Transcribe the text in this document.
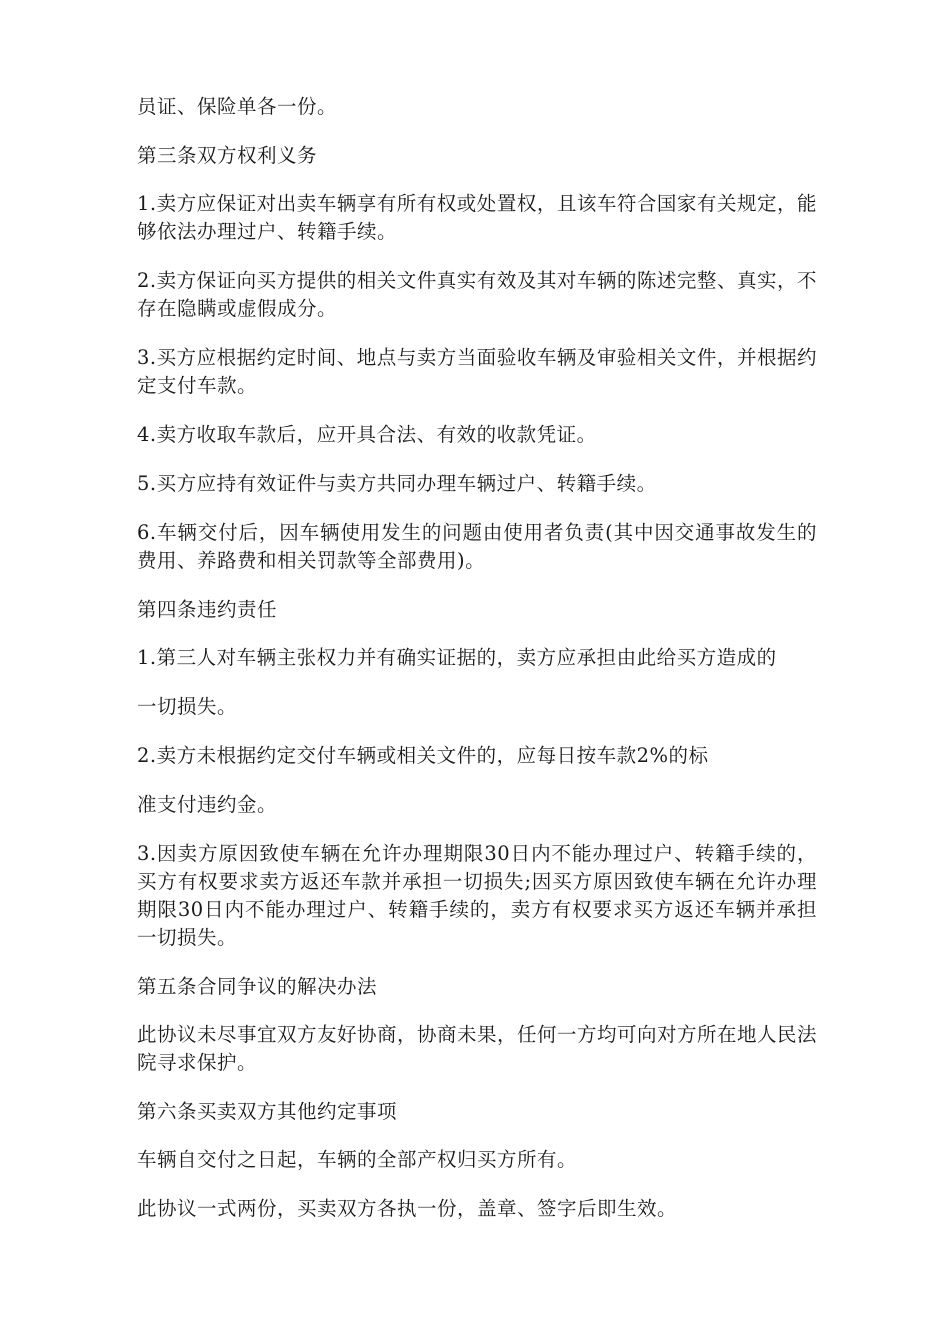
员证、保险单各一份。

第三条双方权利义务

1.卖方应保证对出卖车辆享有所有权或处置权，且该车符合国家有关规定，能够依法办理过户、转籍手续。

2.卖方保证向买方提供的相关文件真实有效及其对车辆的陈述完整、真实，不存在隐瞒或虚假成分。

3.买方应根据约定时间、地点与卖方当面验收车辆及审验相关文件，并根据约定支付车款。

4.卖方收取车款后，应开具合法、有效的收款凭证。

5.买方应持有效证件与卖方共同办理车辆过户、转籍手续。

6.车辆交付后，因车辆使用发生的问题由使用者负责(其中因交通事故发生的费用、养路费和相关罚款等全部费用)。

第四条违约责任

1.第三人对车辆主张权力并有确实证据的，卖方应承担由此给买方造成的

一切损失。

2.卖方未根据约定交付车辆或相关文件的，应每日按车款2%的标

准支付违约金。

3.因卖方原因致使车辆在允许办理期限30日内不能办理过户、转籍手续的，买方有权要求卖方返还车款并承担一切损失;因买方原因致使车辆在允许办理期限30日内不能办理过户、转籍手续的，卖方有权要求买方返还车辆并承担一切损失。

第五条合同争议的解决办法

此协议未尽事宜双方友好协商，协商未果，任何一方均可向对方所在地人民法院寻求保护。

第六条买卖双方其他约定事项

车辆自交付之日起，车辆的全部产权归买方所有。

此协议一式两份，买卖双方各执一份，盖章、签字后即生效。
